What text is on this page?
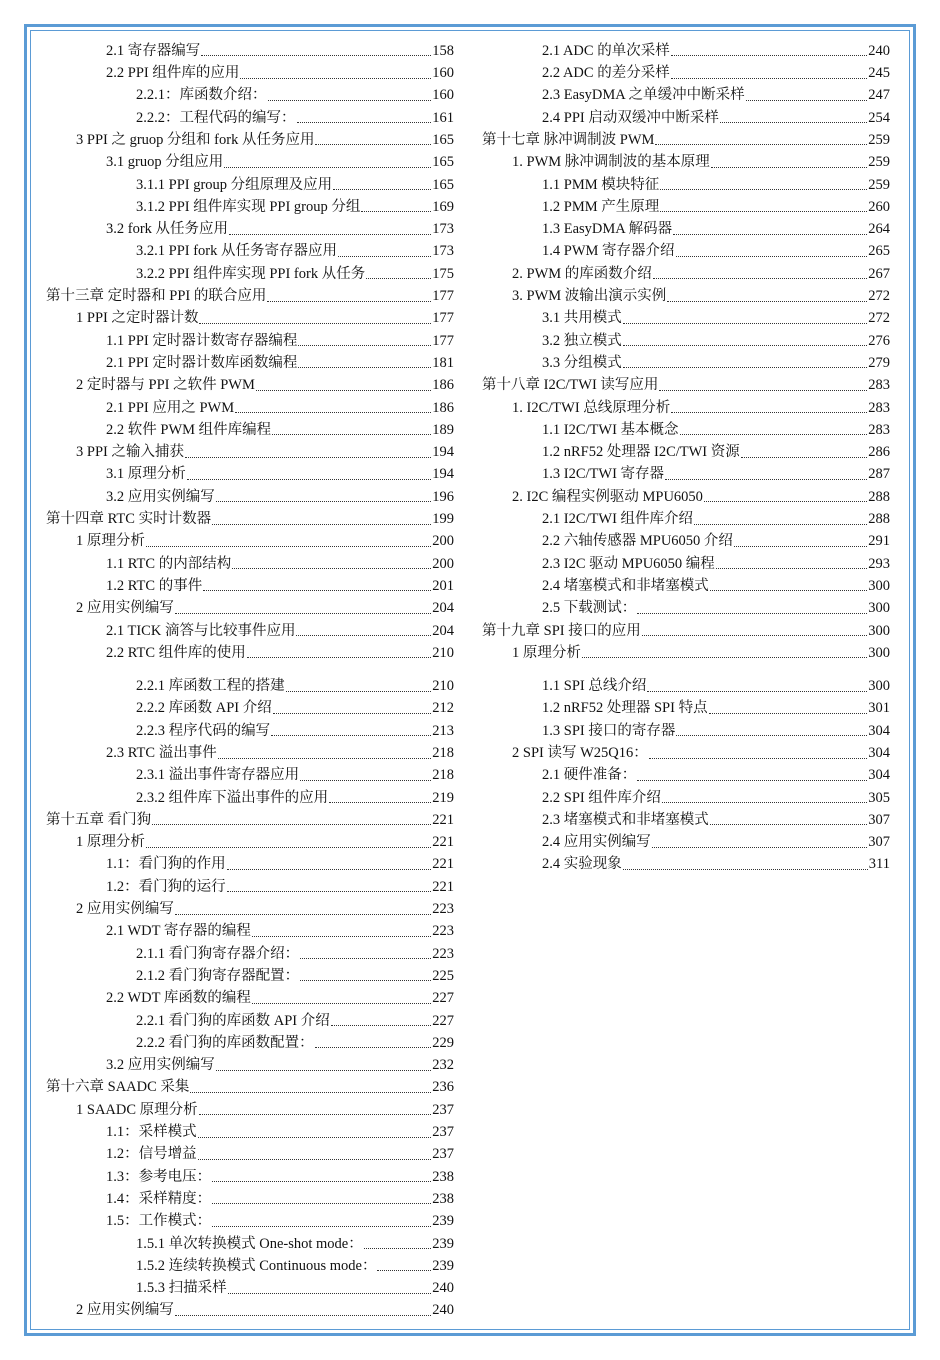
2.1 寄存器编写	158
2.2 PPI 组件库的应用	160
2.2.1：库函数介绍：	160
2.2.2：工程代码的编写：	161
3 PPI 之 gruop 分组和 fork 从任务应用	165
3.1 gruop 分组应用	165
3.1.1 PPI group 分组原理及应用	165
3.1.2 PPI 组件库实现 PPI group 分组	169
3.2 fork 从任务应用	173
3.2.1 PPI fork 从任务寄存器应用	173
3.2.2 PPI 组件库实现 PPI fork 从任务	175
第十三章 定时器和 PPI 的联合应用	177
1 PPI 之定时器计数	177
1.1 PPI 定时器计数寄存器编程	177
2.1 PPI 定时器计数库函数编程	181
2 定时器与 PPI 之软件 PWM	186
2.1 PPI 应用之 PWM	186
2.2 软件 PWM 组件库编程	189
3 PPI 之输入捕获	194
3.1 原理分析	194
3.2 应用实例编写	196
第十四章 RTC 实时计数器	199
1 原理分析	200
1.1 RTC 的内部结构	200
1.2 RTC 的事件	201
2 应用实例编写	204
2.1 TICK 滴答与比较事件应用	204
2.2 RTC 组件库的使用	210
2.2.1 库函数工程的搭建	210
2.2.2 库函数 API 介绍	212
2.2.3 程序代码的编写	213
2.3 RTC 溢出事件	218
2.3.1 溢出事件寄存器应用	218
2.3.2 组件库下溢出事件的应用	219
第十五章 看门狗	221
1 原理分析	221
1.1：看门狗的作用	221
1.2：看门狗的运行	221
2 应用实例编写	223
2.1 WDT 寄存器的编程	223
2.1.1 看门狗寄存器介绍：	223
2.1.2 看门狗寄存器配置：	225
2.2 WDT 库函数的编程	227
2.2.1 看门狗的库函数 API 介绍	227
2.2.2 看门狗的库函数配置：	229
3.2 应用实例编写	232
第十六章 SAADC 采集	236
1 SAADC 原理分析	237
1.1：采样模式	237
1.2：信号增益	237
1.3：参考电压：	238
1.4：采样精度：	238
1.5：工作模式：	239
1.5.1 单次转换模式 One-shot mode：	239
1.5.2 连续转换模式 Continuous mode：	239
1.5.3 扫描采样	240
2 应用实例编写	240
2.1 ADC 的单次采样	240
2.2 ADC 的差分采样	245
2.3 EasyDMA 之单缓冲中断采样	247
2.4 PPI 启动双缓冲中断采样	254
第十七章 脉冲调制波 PWM	259
1. PWM 脉冲调制波的基本原理	259
1.1 PMM 模块特征	259
1.2 PMM 产生原理	260
1.3 EasyDMA 解码器	264
1.4 PWM 寄存器介绍	265
2. PWM 的库函数介绍	267
3. PWM 波输出演示实例	272
3.1 共用模式	272
3.2 独立模式	276
3.3 分组模式	279
第十八章 I2C/TWI 读写应用	283
1. I2C/TWI 总线原理分析	283
1.1 I2C/TWI 基本概念	283
1.2 nRF52 处理器 I2C/TWI 资源	286
1.3 I2C/TWI 寄存器	287
2. I2C 编程实例驱动 MPU6050	288
2.1 I2C/TWI 组件库介绍	288
2.2 六轴传感器 MPU6050 介绍	291
2.3 I2C 驱动 MPU6050 编程	293
2.4 堵塞模式和非堵塞模式	300
2.5 下载测试：	300
第十九章 SPI 接口的应用	300
1 原理分析	300
1.1 SPI 总线介绍	300
1.2 nRF52 处理器 SPI 特点	301
1.3 SPI 接口的寄存器	304
2 SPI 读写 W25Q16：	304
2.1 硬件准备：	304
2.2 SPI 组件库介绍	305
2.3 堵塞模式和非堵塞模式	307
2.4 应用实例编写	307
2.4 实验现象	311
